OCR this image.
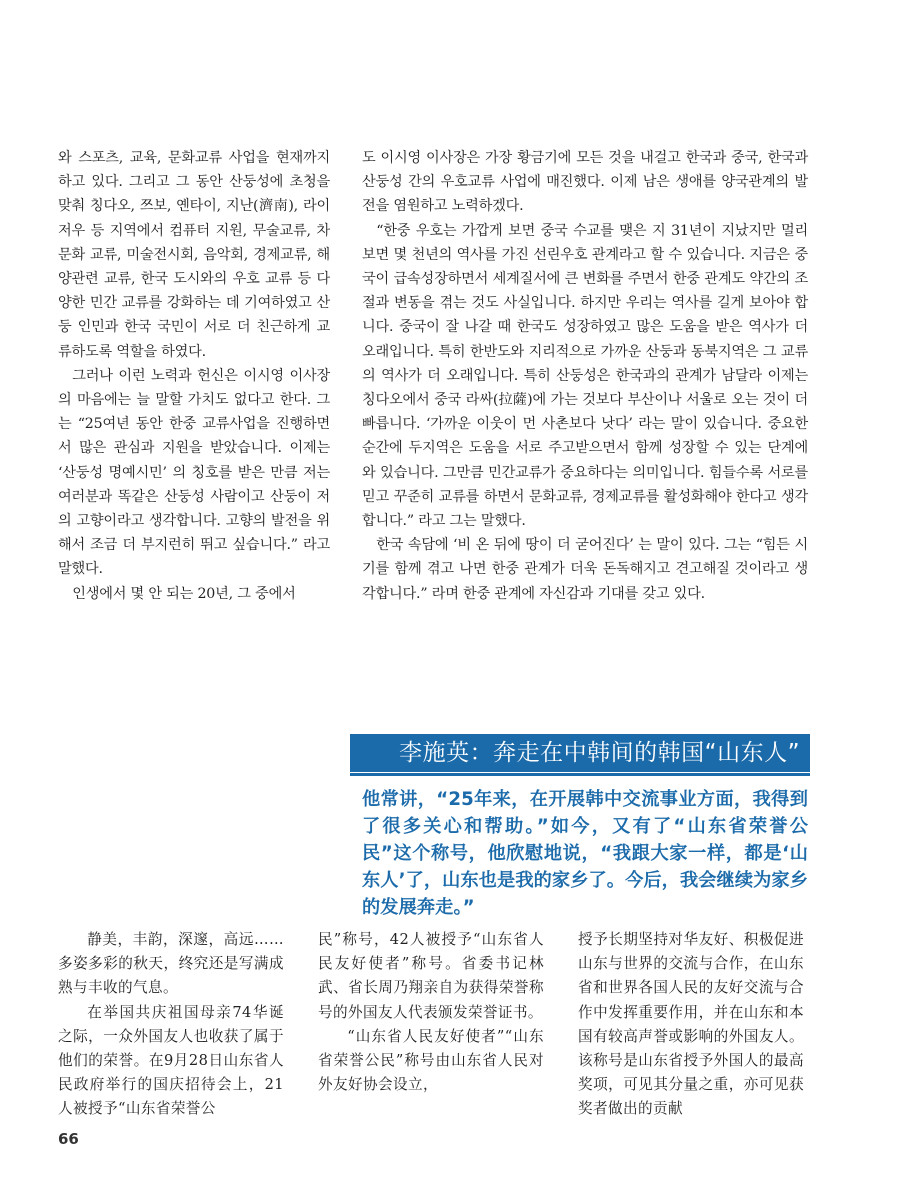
와 스포츠, 교육, 문화교류 사업을 현재까지 하고 있다. 그리고 그 동안 산둥성에 초청을 맞춰 칭다오, 쯔보, 옌타이, 지난(濟南), 라이저우 등 지역에서 컴퓨터 지원, 무술교류, 차문화 교류, 미술전시회, 음악회, 경제교류, 해양관련 교류, 한국 도시와의 우호 교류 등 다양한 민간 교류를 강화하는 데 기여하였고 산둥 인민과 한국 국민이 서로 더 친근하게 교류하도록 역할을 하였다.

그러나 이런 노력과 헌신은 이시영 이사장의 마음에는 늘 말할 가치도 없다고 한다. 그는 “25여년 동안 한중 교류사업을 진행하면서 많은 관심과 지원을 받았습니다. 이제는 ‘산둥성 명예시민’ 의 칭호를 받은 만큼 저는 여러분과 똑같은 산둥성 사람이고 산둥이 저의 고향이라고 생각합니다. 고향의 발전을 위해서 조금 더 부지런히 뛰고 싶습니다.” 라고 말했다.

인생에서 몇 안 되는 20년, 그 중에서

도 이시영 이사장은 가장 황금기에 모든 것을 내걸고 한국과 중국, 한국과 산둥성 간의 우호교류 사업에 매진했다. 이제 남은 생애를 양국관계의 발전을 염원하고 노력하겠다.

“한중 우호는 가깝게 보면 중국 수교를 맺은 지 31년이 지났지만 멀리 보면 몇 천년의 역사를 가진 선린우호 관계라고 할 수 있습니다. 지금은 중국이 급속성장하면서 세계질서에 큰 변화를 주면서 한중 관계도 약간의 조절과 변동을 겪는 것도 사실입니다. 하지만 우리는 역사를 길게 보아야 합니다. 중국이 잘 나갈 때 한국도 성장하였고 많은 도움을 받은 역사가 더 오래입니다. 특히 한반도와 지리적으로 가까운 산둥과 동북지역은 그 교류의 역사가 더 오래입니다. 특히 산둥성은 한국과의 관계가 남달라 이제는 칭다오에서 중국 라싸(拉薩)에 가는 것보다 부산이나 서울로 오는 것이 더 빠릅니다. ‘가까운 이웃이 먼 사촌보다 낫다’ 라는 말이 있습니다. 중요한 순간에 두지역은 도움을 서로 주고받으면서 함께 성장할 수 있는 단계에 와 있습니다. 그만큼 민간교류가 중요하다는 의미입니다. 힘들수록 서로를 믿고 꾸준히 교류를 하면서 문화교류, 경제교류를 활성화해야 한다고 생각합니다.” 라고 그는 말했다.

한국 속담에 ‘비 온 뒤에 땅이 더 굳어진다’ 는 말이 있다. 그는 “힘든 시기를 함께 겪고 나면 한중 관계가 더욱 돈독해지고 견고해질 것이라고 생각합니다.” 라며 한중 관계에 자신감과 기대를 갖고 있다.

李施英：奔走在中韩间的韩国“山东人”
他常讲，“25年来，在开展韩中交流事业方面，我得到了很多关心和帮助。”如今，又有了“山东省荣誉公民”这个称号，他欣慰地说，“我跟大家一样，都是‘山东人’了，山东也是我的家乡了。今后，我会继续为家乡的发展奔走。”

静美，丰韵，深邃，高远……多姿多彩的秋天，终究还是写满成熟与丰收的气息。

在举国共庆祖国母亲74华诞之际，一众外国友人也收获了属于他们的荣誉。在9月28日山东省人民政府举行的国庆招待会上，21人被授予“山东省荣誉公

民”称号，42人被授予“山东省人民友好使者”称号。省委书记林武、省长周乃翔亲自为获得荣誉称号的外国友人代表颁发荣誉证书。

“山东省人民友好使者”“山东省荣誉公民”称号由山东省人民对外友好协会设立，

授予长期坚持对华友好、积极促进山东与世界的交流与合作，在山东省和世界各国人民的友好交流与合作中发挥重要作用，并在山东和本国有较高声誉或影响的外国友人。该称号是山东省授予外国人的最高奖项，可见其分量之重，亦可见获奖者做出的贡献

66
